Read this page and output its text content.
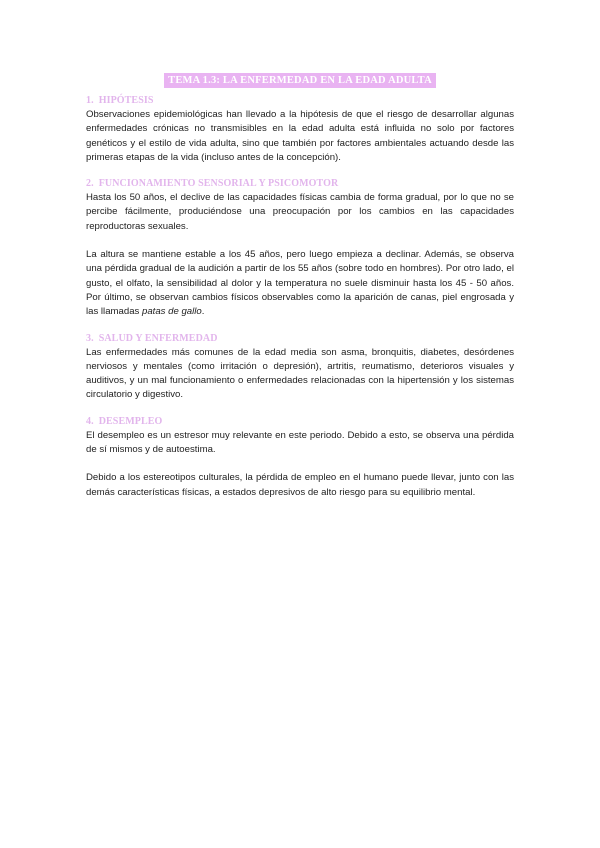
TEMA 1.3: LA ENFERMEDAD EN LA EDAD ADULTA
1. HIPÓTESIS

Observaciones epidemiológicas han llevado a la hipótesis de que el riesgo de desarrollar algunas enfermedades crónicas no transmisibles en la edad adulta está influida no solo por factores genéticos y el estilo de vida adulta, sino que también por factores ambientales actuando desde las primeras etapas de la vida (incluso antes de la concepción).

2. FUNCIONAMIENTO SENSORIAL Y PSICOMOTOR

Hasta los 50 años, el declive de las capacidades físicas cambia de forma gradual, por lo que no se percibe fácilmente, produciéndose una preocupación por los cambios en las capacidades reproductoras sexuales.

La altura se mantiene estable a los 45 años, pero luego empieza a declinar. Además, se observa una pérdida gradual de la audición a partir de los 55 años (sobre todo en hombres). Por otro lado, el gusto, el olfato, la sensibilidad al dolor y la temperatura no suele disminuir hasta los 45 - 50 años. Por último, se observan cambios físicos observables como la aparición de canas, piel engrosada y las llamadas patas de gallo.

3. SALUD Y ENFERMEDAD

Las enfermedades más comunes de la edad media son asma, bronquitis, diabetes, desórdenes nerviosos y mentales (como irritación o depresión), artritis, reumatismo, deterioros visuales y auditivos, y un mal funcionamiento o enfermedades relacionadas con la hipertensión y los sistemas circulatorio y digestivo.

4. DESEMPLEO

El desempleo es un estresor muy relevante en este periodo. Debido a esto, se observa una pérdida de sí mismos y de autoestima.

Debido a los estereotipos culturales, la pérdida de empleo en el humano puede llevar, junto con las demás características físicas, a estados depresivos de alto riesgo para su equilibrio mental.
